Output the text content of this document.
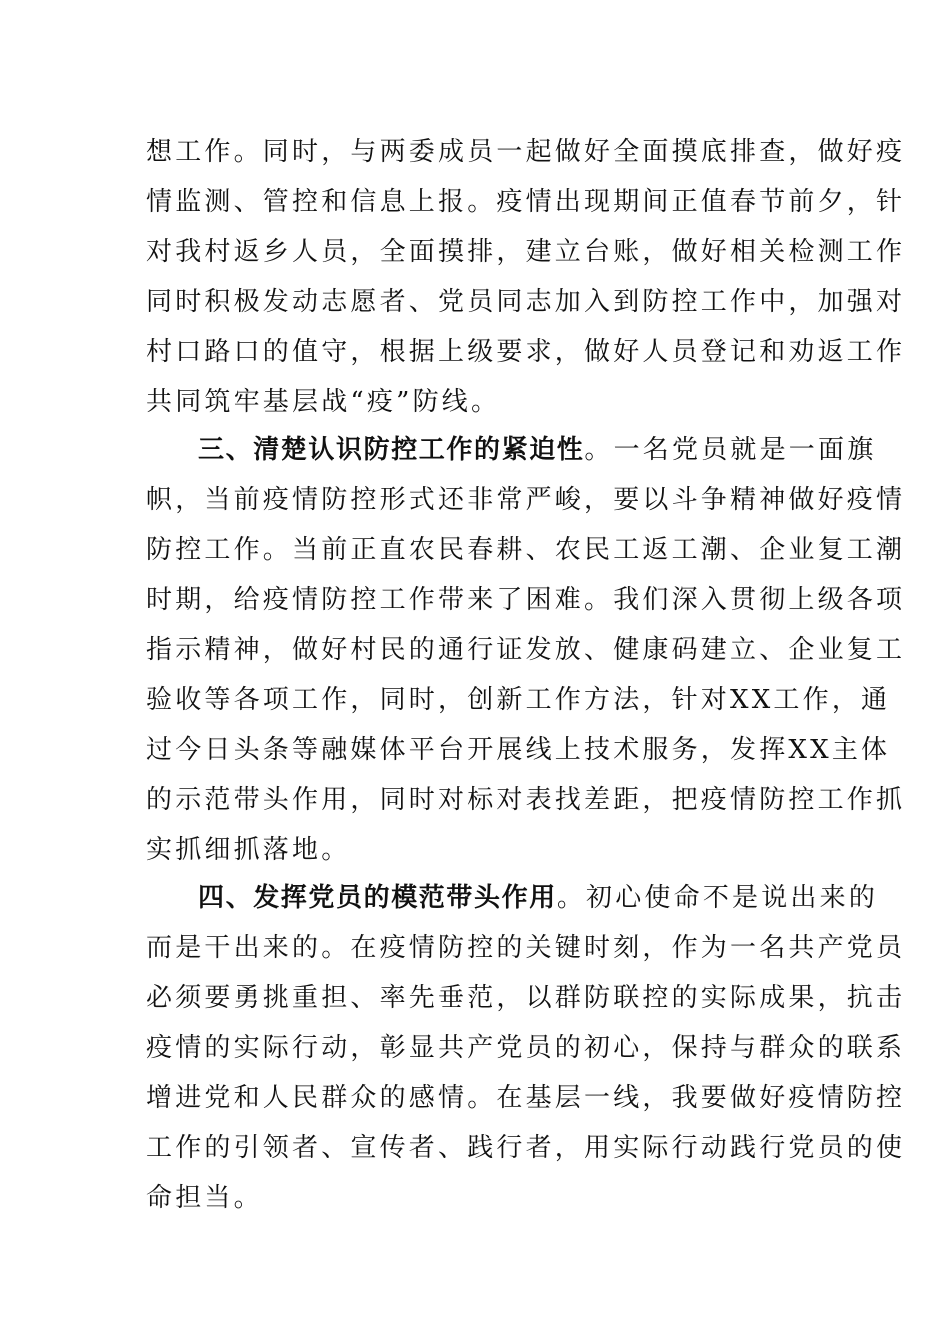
想工作。同时，与两委成员一起做好全面摸底排查，做好疫
情监测、管控和信息上报。疫情出现期间正值春节前夕，针
对我村返乡人员，全面摸排，建立台账，做好相关检测工作
同时积极发动志愿者、党员同志加入到防控工作中，加强对
村口路口的值守，根据上级要求，做好人员登记和劝返工作
共同筑牢基层战“疫”防线。
三、清楚认识防控工作的紧迫性。一名党员就是一面旗
帜，当前疫情防控形式还非常严峻，要以斗争精神做好疫情
防控工作。当前正直农民春耕、农民工返工潮、企业复工潮
时期，给疫情防控工作带来了困难。我们深入贯彻上级各项
指示精神，做好村民的通行证发放、健康码建立、企业复工
验收等各项工作，同时，创新工作方法，针对XX工作，通
过今日头条等融媒体平台开展线上技术服务，发挥XX主体
的示范带头作用，同时对标对表找差距，把疫情防控工作抓
实抓细抓落地。
四、发挥党员的模范带头作用。初心使命不是说出来的
而是干出来的。在疫情防控的关键时刻，作为一名共产党员
必须要勇挑重担、率先垂范，以群防联控的实际成果，抗击
疫情的实际行动，彰显共产党员的初心，保持与群众的联系
增进党和人民群众的感情。在基层一线，我要做好疫情防控
工作的引领者、宣传者、践行者，用实际行动践行党员的使
命担当。
